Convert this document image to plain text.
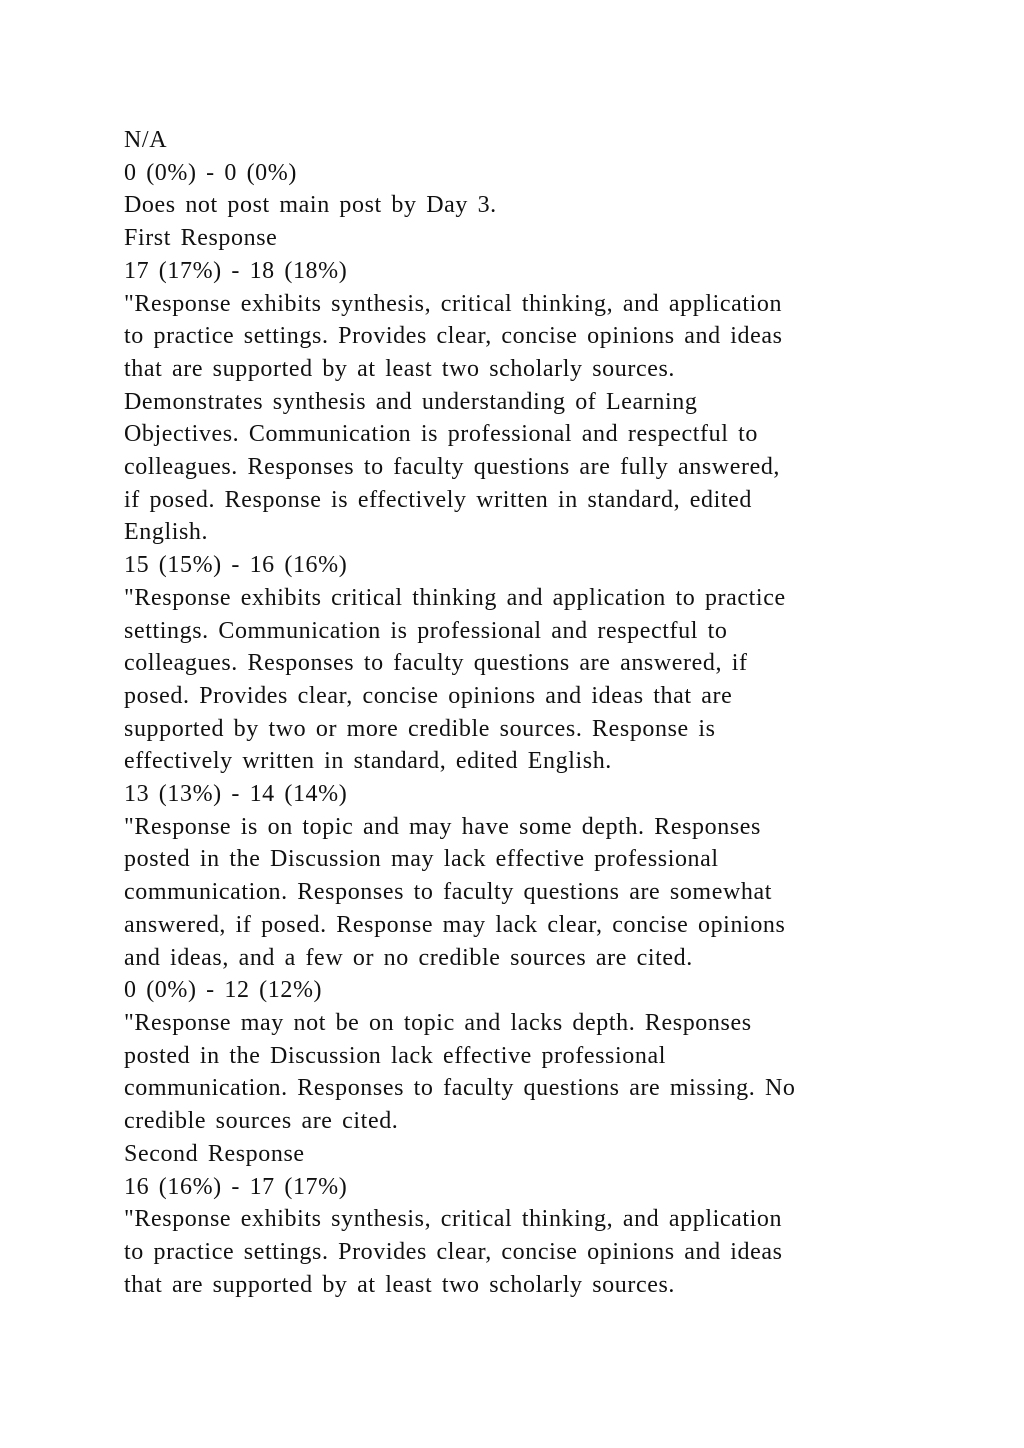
N/A
0 (0%) - 0 (0%)
Does not post main post by Day 3.
First Response
17 (17%) - 18 (18%)
"Response exhibits synthesis, critical thinking, and application
to practice settings. Provides clear, concise opinions and ideas
that are supported by at least two scholarly sources.
Demonstrates synthesis and understanding of Learning
Objectives. Communication is professional and respectful to
colleagues. Responses to faculty questions are fully answered,
if posed. Response is effectively written in standard, edited
English.
15 (15%) - 16 (16%)
"Response exhibits critical thinking and application to practice
settings. Communication is professional and respectful to
colleagues. Responses to faculty questions are answered, if
posed. Provides clear, concise opinions and ideas that are
supported by two or more credible sources. Response is
effectively written in standard, edited English.
13 (13%) - 14 (14%)
"Response is on topic and may have some depth. Responses
posted in the Discussion may lack effective professional
communication. Responses to faculty questions are somewhat
answered, if posed. Response may lack clear, concise opinions
and ideas, and a few or no credible sources are cited.
0 (0%) - 12 (12%)
"Response may not be on topic and lacks depth. Responses
posted in the Discussion lack effective professional
communication. Responses to faculty questions are missing. No
credible sources are cited.
Second Response
16 (16%) - 17 (17%)
"Response exhibits synthesis, critical thinking, and application
to practice settings. Provides clear, concise opinions and ideas
that are supported by at least two scholarly sources.
